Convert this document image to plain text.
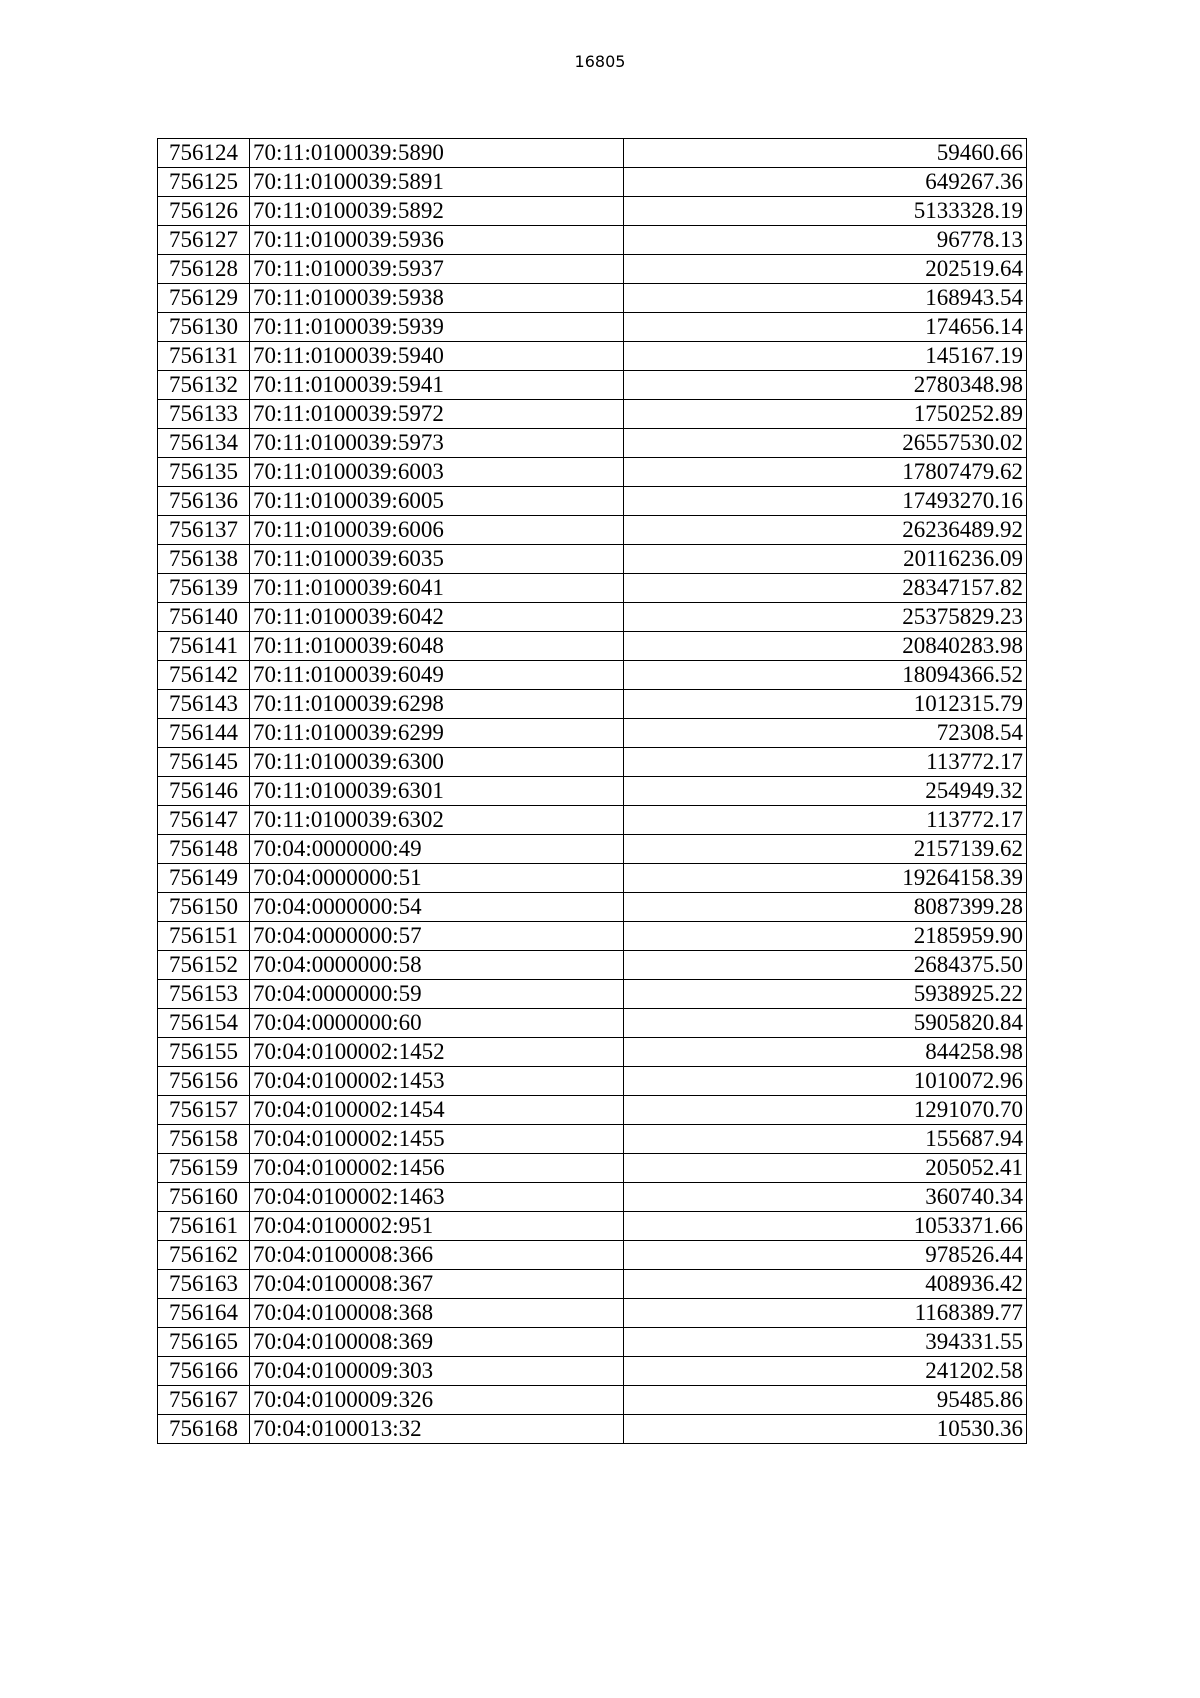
16805
756124	70:11:0100039:5890	59460.66
756125	70:11:0100039:5891	649267.36
756126	70:11:0100039:5892	5133328.19
756127	70:11:0100039:5936	96778.13
756128	70:11:0100039:5937	202519.64
756129	70:11:0100039:5938	168943.54
756130	70:11:0100039:5939	174656.14
756131	70:11:0100039:5940	145167.19
756132	70:11:0100039:5941	2780348.98
756133	70:11:0100039:5972	1750252.89
756134	70:11:0100039:5973	26557530.02
756135	70:11:0100039:6003	17807479.62
756136	70:11:0100039:6005	17493270.16
756137	70:11:0100039:6006	26236489.92
756138	70:11:0100039:6035	20116236.09
756139	70:11:0100039:6041	28347157.82
756140	70:11:0100039:6042	25375829.23
756141	70:11:0100039:6048	20840283.98
756142	70:11:0100039:6049	18094366.52
756143	70:11:0100039:6298	1012315.79
756144	70:11:0100039:6299	72308.54
756145	70:11:0100039:6300	113772.17
756146	70:11:0100039:6301	254949.32
756147	70:11:0100039:6302	113772.17
756148	70:04:0000000:49	2157139.62
756149	70:04:0000000:51	19264158.39
756150	70:04:0000000:54	8087399.28
756151	70:04:0000000:57	2185959.90
756152	70:04:0000000:58	2684375.50
756153	70:04:0000000:59	5938925.22
756154	70:04:0000000:60	5905820.84
756155	70:04:0100002:1452	844258.98
756156	70:04:0100002:1453	1010072.96
756157	70:04:0100002:1454	1291070.70
756158	70:04:0100002:1455	155687.94
756159	70:04:0100002:1456	205052.41
756160	70:04:0100002:1463	360740.34
756161	70:04:0100002:951	1053371.66
756162	70:04:0100008:366	978526.44
756163	70:04:0100008:367	408936.42
756164	70:04:0100008:368	1168389.77
756165	70:04:0100008:369	394331.55
756166	70:04:0100009:303	241202.58
756167	70:04:0100009:326	95485.86
756168	70:04:0100013:32	10530.36
